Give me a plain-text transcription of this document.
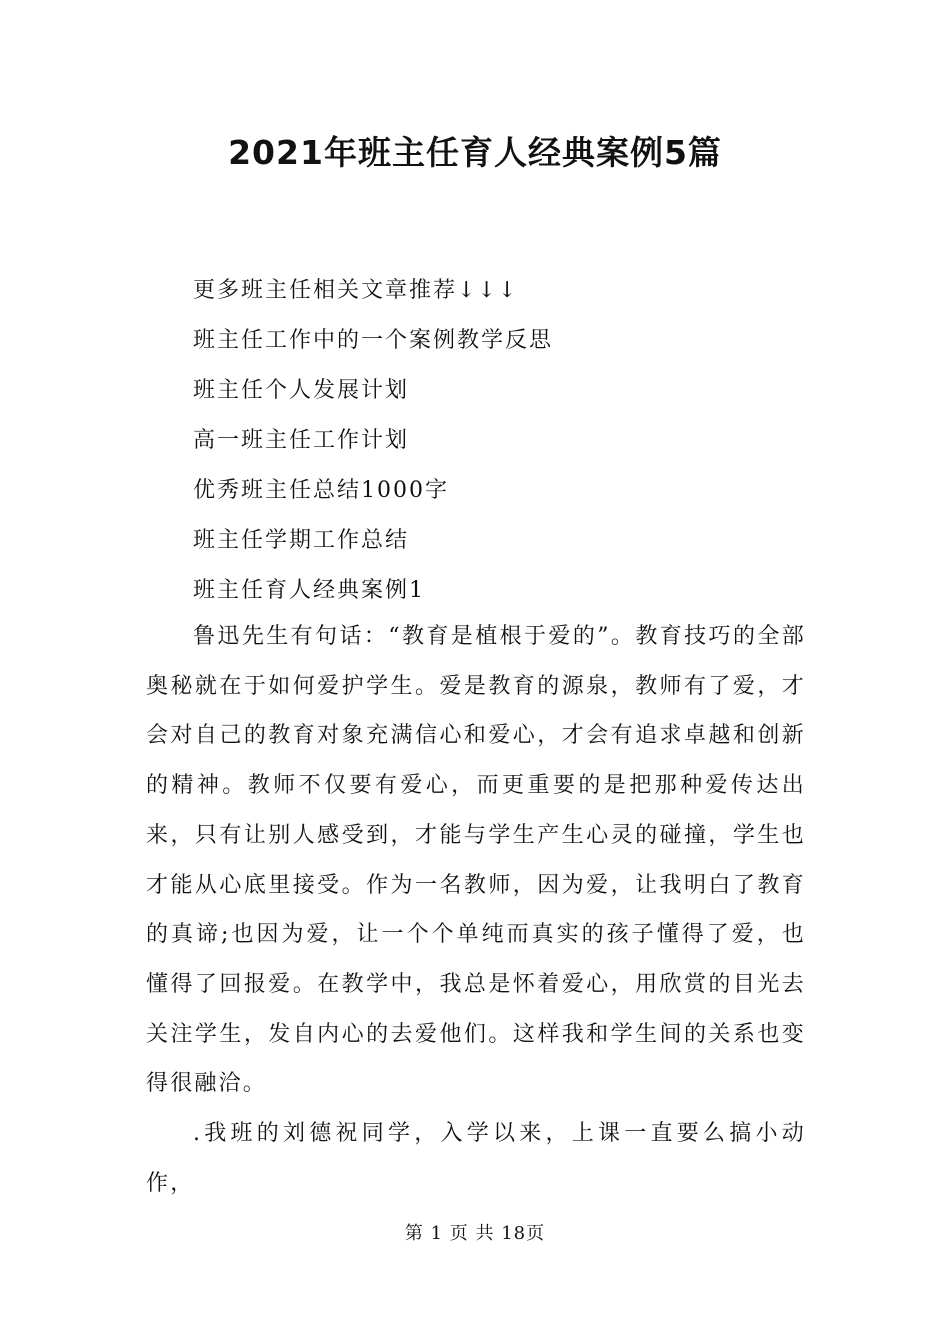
2021年班主任育人经典案例5篇
更多班主任相关文章推荐↓↓↓
班主任工作中的一个案例教学反思
班主任个人发展计划
高一班主任工作计划
优秀班主任总结1000字
班主任学期工作总结
班主任育人经典案例1

鲁迅先生有句话：“教育是植根于爱的”。教育技巧的全部奥秘就在于如何爱护学生。爱是教育的源泉，教师有了爱，才会对自己的教育对象充满信心和爱心，才会有追求卓越和创新的精神。教师不仅要有爱心，而更重要的是把那种爱传达出来，只有让别人感受到，才能与学生产生心灵的碰撞，学生也才能从心底里接受。作为一名教师，因为爱，让我明白了教育的真谛;也因为爱，让一个个单纯而真实的孩子懂得了爱，也懂得了回报爱。在教学中，我总是怀着爱心，用欣赏的目光去关注学生，发自内心的去爱他们。这样我和学生间的关系也变得很融洽。

.我班的刘德祝同学，入学以来，上课一直要么搞小动作，

第 1 页 共 18页
